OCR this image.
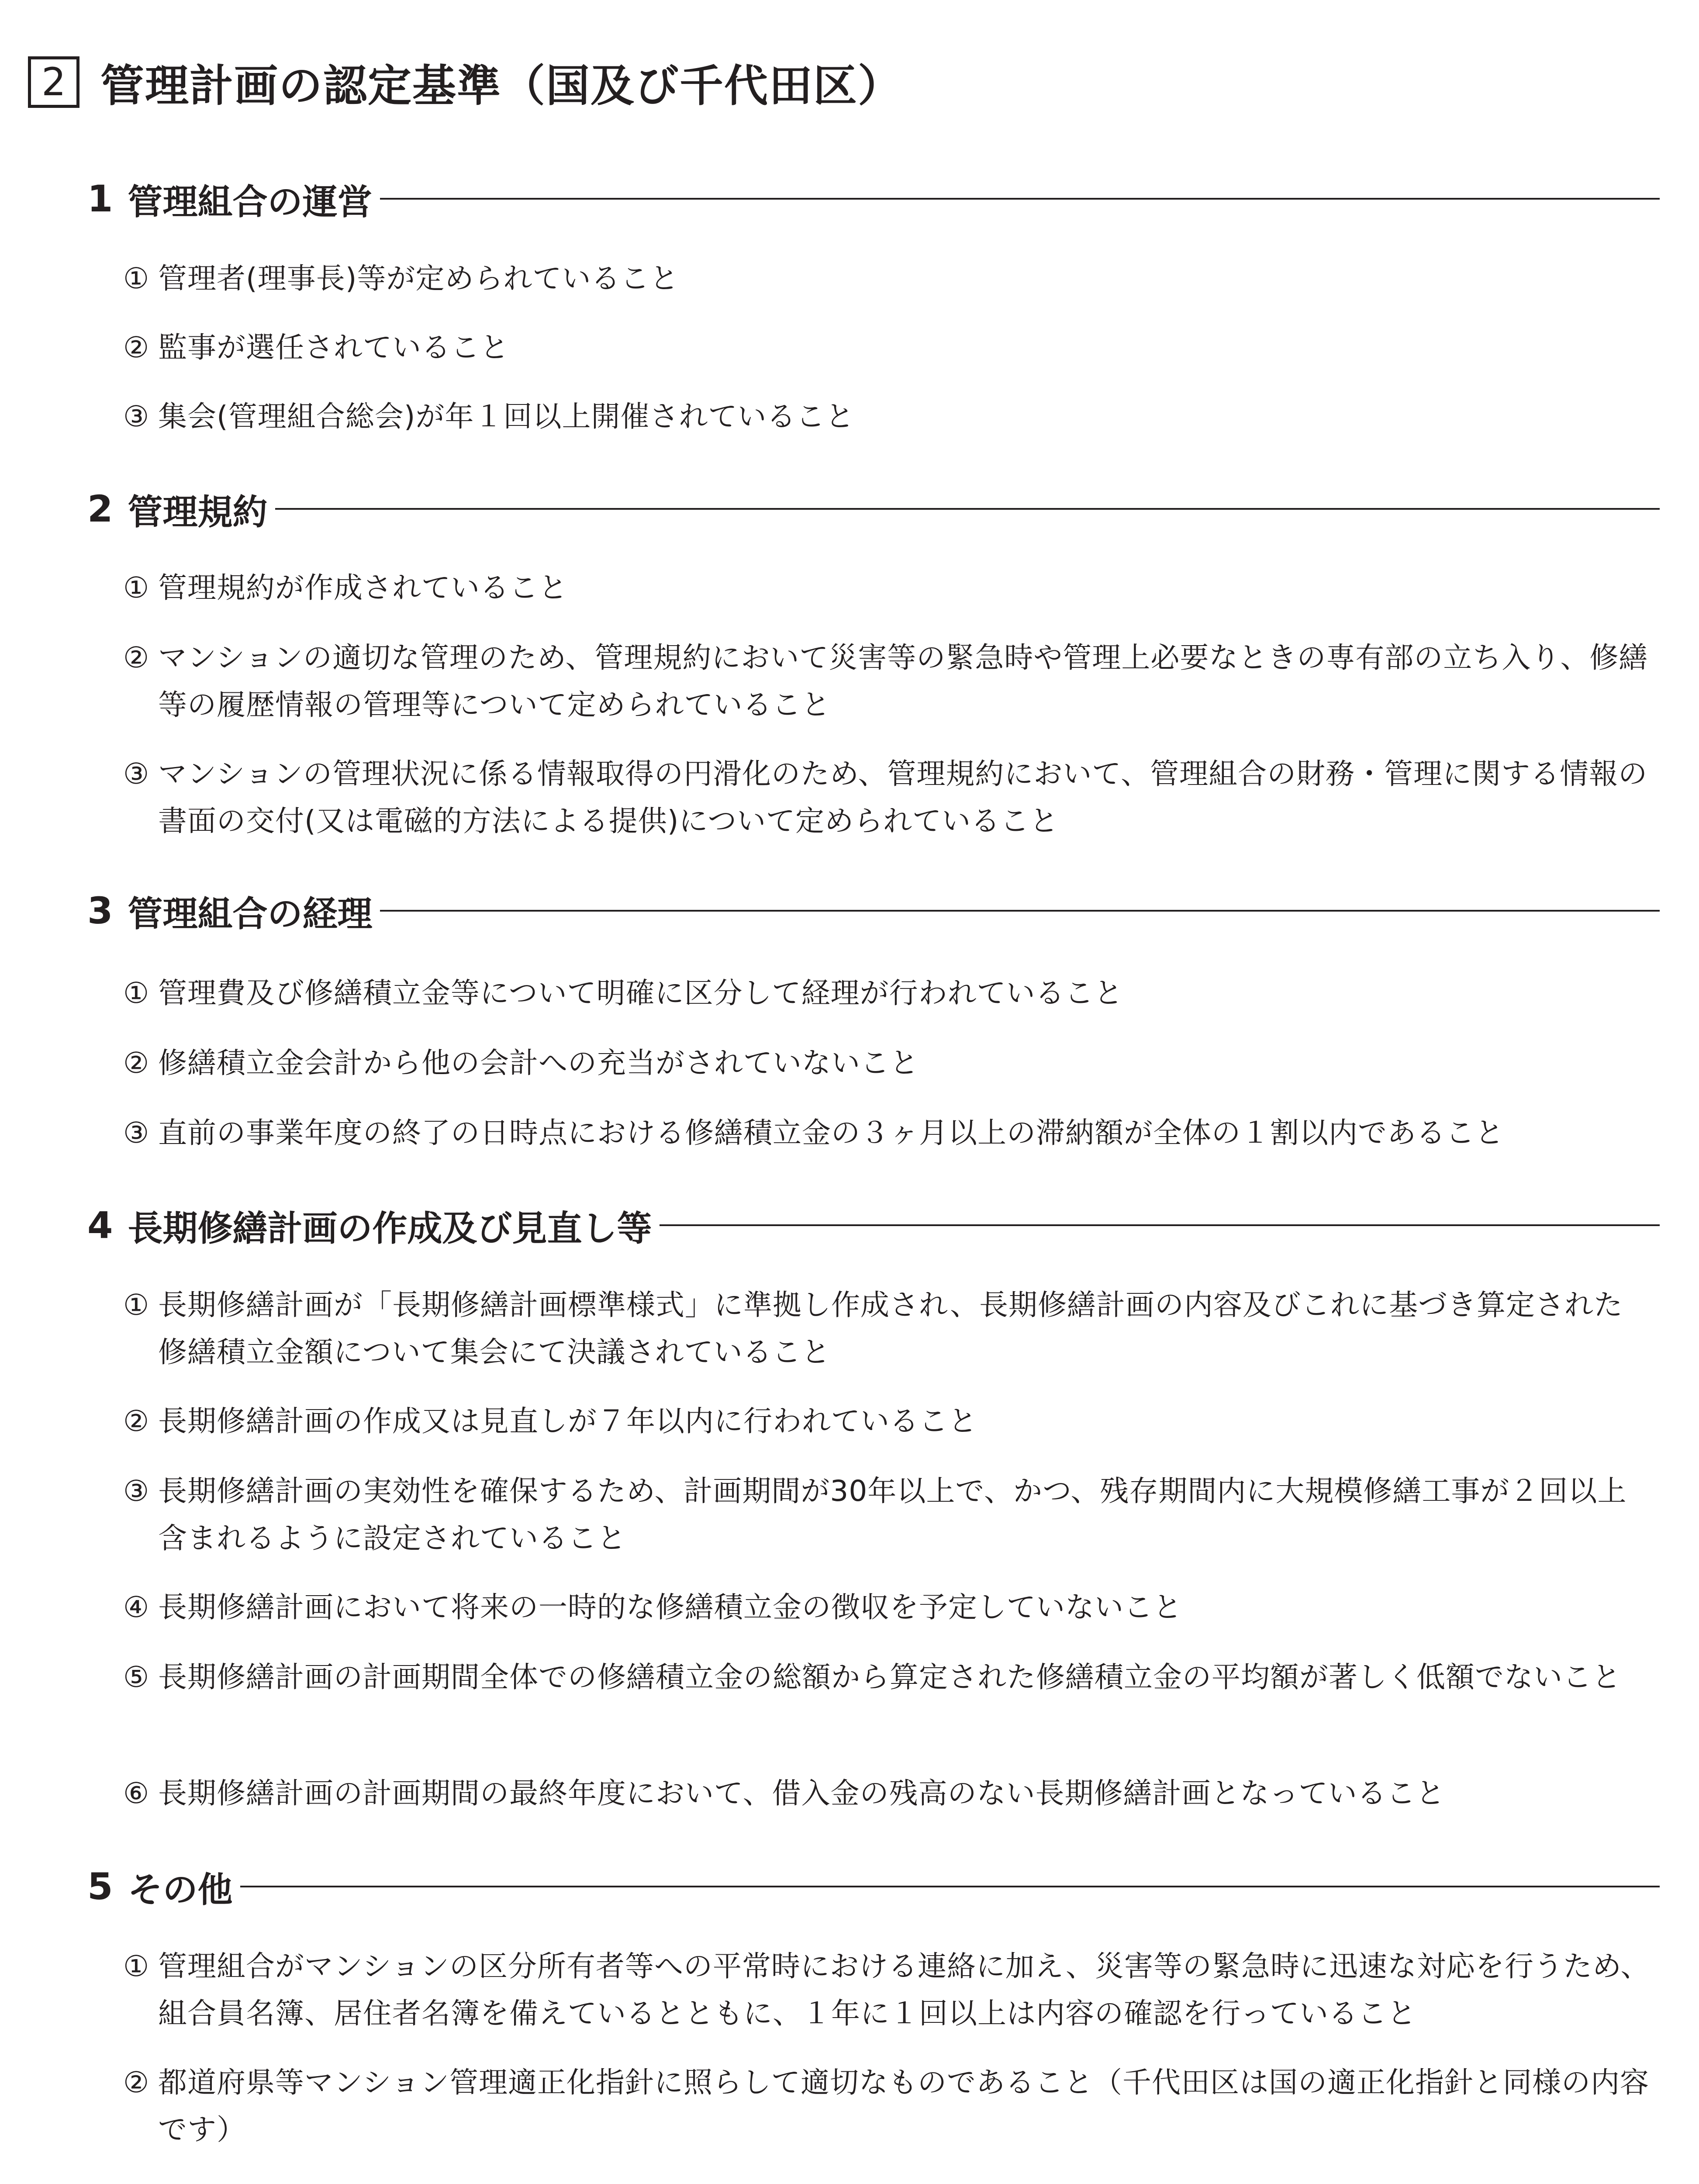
2 管理計画の認定基準（国及び千代田区）
1 管理組合の運営
① 管理者(理事長)等が定められていること
② 監事が選任されていること
③ 集会(管理組合総会)が年１回以上開催されていること
2 管理規約
① 管理規約が作成されていること
② マンションの適切な管理のため、管理規約において災害等の緊急時や管理上必要なときの専有部の立ち入り、修繕等の履歴情報の管理等について定められていること
③ マンションの管理状況に係る情報取得の円滑化のため、管理規約において、管理組合の財務・管理に関する情報の書面の交付(又は電磁的方法による提供)について定められていること
3 管理組合の経理
① 管理費及び修繕積立金等について明確に区分して経理が行われていること
② 修繕積立金会計から他の会計への充当がされていないこと
③ 直前の事業年度の終了の日時点における修繕積立金の３ヶ月以上の滞納額が全体の１割以内であること
4 長期修繕計画の作成及び見直し等
① 長期修繕計画が「長期修繕計画標準様式」に準拠し作成され、長期修繕計画の内容及びこれに基づき算定された修繕積立金額について集会にて決議されていること
② 長期修繕計画の作成又は見直しが７年以内に行われていること
③ 長期修繕計画の実効性を確保するため、計画期間が30年以上で、かつ、残存期間内に大規模修繕工事が２回以上含まれるように設定されていること
④ 長期修繕計画において将来の一時的な修繕積立金の徴収を予定していないこと
⑤ 長期修繕計画の計画期間全体での修繕積立金の総額から算定された修繕積立金の平均額が著しく低額でないこと
⑥ 長期修繕計画の計画期間の最終年度において、借入金の残高のない長期修繕計画となっていること
5 その他
① 管理組合がマンションの区分所有者等への平常時における連絡に加え、災害等の緊急時に迅速な対応を行うため、組合員名簿、居住者名簿を備えているとともに、１年に１回以上は内容の確認を行っていること
② 都道府県等マンション管理適正化指針に照らして適切なものであること（千代田区は国の適正化指針と同様の内容です）
